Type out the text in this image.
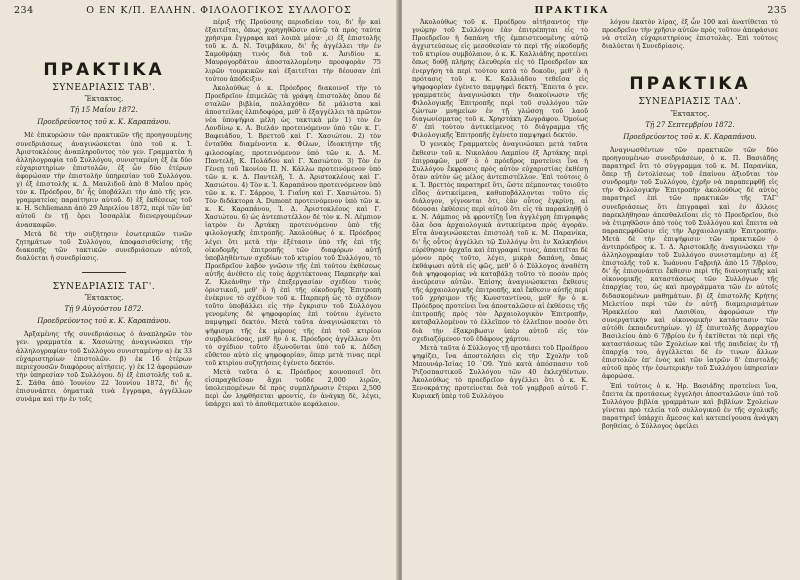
234	Ο ΕΝ Κ/Π. ΕΛΛΗΝ. ΦΙΛΟΛΟΓΙΚΟΣ ΣΥΛΛΟΓΟΣ
ΠΡΑΚΤΙΚΑ
ΣΥΝΕΔΡΙΑΣΙΣ ΤΑΒ'.
Ἔκτακτος.
Τῇ 15 Μαΐου 1872.
Προεδρεύοντος τοῦ κ. Κ. Καραπάνου.

Μὲ ἐπικυρώσιν τῶν πρακτικῶν τῆς προηγουμένης συνεδριάσεως ἀναγινώσκεται ὑπὸ τοῦ κ. Ἰ. Ἀριστοκλέους ἀναπληροῦντος τὸν γεν. Γραμματέα ἡ ἀλληλογραφία τοῦ Συλλόγου, συνισταμένη ἐξ ἐκ δύο εὐχαριστηρίων ἐπιστολῶν, ἐξ ὧν δύο ἑτέρων ἀφορώσαν τὴν ἐπιστολὴν ὑπηρεσίαν τοῦ Συλλόγου. γ) ἐξ ἐπιστολῆς κ. Δ. Μαυλιδοῦ ἀπὸ 8 Μαΐου πρὸς τὸν κ. Πρόεδρον, δι' ἧς ὑποβάλλει τὴν ἀπὸ τῆς γεν. γραμματείας παραίτησιν αὐτοῦ. δ) ἐξ ἐκθέσεως τοῦ κ. Η. Schliemann ἀπὸ 29 Ἀπριλίου 1872, περὶ τῶν ὑπ' αὐτοῦ ἐν τῇ ὅρει Ἰσσαρλὶκ διενεργουμένων ἀνασκαφῶν.

Μετὰ δὲ τὴν συζήτησιν ἐσωτερικῶν τινῶν ζητημάτων τοῦ Συλλόγου, ἀποφασισθείσης τῆς διακοπῆς τῶν τακτικῶν συνεδριάσεων αὐτοῦ, διαλύεται ἡ συνεδρίασις.

ΣΥΝΕΔΡΙΑΣΙΣ ΤΑΓ'.
Ἔκτακτος.
Τῇ 9 Αὐγούστου 1872.
Προεδρεύοντος τοῦ κ. Κ. Καραπάνου.

Ἀρξαμένης τῆς συνεδριάσεως ὁ ἀναπληρῶν τὸν γεν. γραμματέα κ. Χασιώτης ἀναγινώσκει τὴν ἀλληλογραφίαν τοῦ Συλλόγου συνισταμένην α) ἐκ 33 εὐχαριστηρίων ἐπιστολῶν. β) ἐκ 16 ἑτέρων περιεχουσῶν διαφόρους αἰτήσεις. γ) ἐκ 12 ἀφορώσων τὴν ὑπηρεσίαν τοῦ Συλλόγου. δ) ἐξ ἐπιστολῆς τοῦ κ. Σ. Σάθα ἀπὸ Ἰουνίου 22 Ἰουνίου 1872, δι' ἧς ἐπισυνάπτει ὁηματικὰ τινὰ ἔγγραφα, ἀγγέλλων συνάμα καὶ τὴν ἐν τοῖς

πέριξ τῆς Προύσσης περιοδείαν του, δι' ἧν καὶ ἐξαιτεῖται, ὅπως χορηγηθῶσιν αὐτῷ τὰ πρὸς ταύτα χρήσιμα ἔγγραφα καὶ λοιπὰ μέσα· ,ε) ἐξ ἐπιστολῆς τοῦ κ. Δ. Ν. Τσιμβάκου, δι' ἧς ἀγγέλλει τὴν ἐν Σαμοθρᾴκῃ τινὸς διὰ τοῦ κ. Ἀσιδίου κ. Μαυρογορδάτου ἀποσταλλομένην προσφορὰν 75 λιρῶν τουρκικῶν καὶ ἐξαιτεῖται τὴν δέουσαν ἐπὶ τούτου ἀπόδειξιν.

Ἀκολούθως ὁ κ. Πρόεδρος διακοινοῖ τὴν τὸ Προεδρεῖον ἐπιμελῶς τὰ γράψη ἐπιστολὰς ὅπου δὲ σταλῶν βιβλία, πολλαχόθεν δὲ μάλιστα καὶ ἀποστείλας ἐλπιδοφόρα, μεθ' ὃ ἐξαγγέλλει τὰ πρῶτον νέα ὑποψήφια μέλη ὡς τακτικὰ μέν 1) τὸν ἐν Λονδίνῳ κ. Α. Βιελάν προτεινόμενον ὑπὸ τῶν κ. Γ. Βαφειάδου, Ἰ. Βρεττοῦ καὶ Γ. Χασιώτου. 2) τὸν ἐνταῦθα διαμένοντα κ. Φίλων, ἰδιοκτήτην τῆς φιλοσοφίας, προτεινόμενον ὑπὸ τῶν κ. Δ. Μ. Παντελῆ, Κ. Πολάδου καὶ Γ. Χασιώτου. 3) Τὸν ἐν Γένεῃ τοῦ Ἰκονίου Π. Ν. Κάλλω προτεινόμενον ὑπὸ τῶν κ. κ. Δ. Παντελῆ, Ἰ. Δ. Ἀριστοκλέους καὶ Γ. Χασιώτου. 4) Τὸν κ. Ἰ. Καραπάνου προτεινόμενον ὑπὸ τῶν κ. κ. Γ. Σάρρου, Ἰ. Γιαΐνη καὶ Γ. Χασιώτου. 5) Τὸν διδάκτορα Α. Dumont προτεινόμενον ὑπὸ τῶν κ. κ. Κ. Καραπάνου, Ἰ. Δ. Ἀριστοκλέους καὶ Γ. Χασιώτου. 6) ὡς ἀντεπιστέλλον δὲ τὸν κ. Ν. Λέμπιον ἰατρὸν ἐν Ἀρτάκῃ προτεινόμενον ὑπὸ τῆς φιλολογικῆς ἐπιτροπῆς. Ἀκολούθως ὁ κ. Πρόεδρος λέγει ὅτι μετὰ τὴν ἐξέτασιν ὑπὸ τῆς ἐπὶ τῆς οἰκοδομῆς ἐπιτροπῆς τῶν διαφόρων αὐτῇ ὑποβληθέντων σχεδίων τοῦ κτιρίου τοῦ Συλλόγου, τὸ Προεδρεῖον λαβὸν γνῶσιν τῆς ἐπὶ τούτου ἐκθέσεως αὐτῆς ἀνέθετο εἰς τοὺς ἀρχιτέκτονας Παρπερὴν καὶ Ζ. Κλεάνθην τὴν ἐπεξεργασίαν σχεδίου τινὸς ὁριστικοῦ, μεθ' ὃ ἡ ἐπὶ τῆς οἰκοδομῆς Ἐπιτροπὴ ἐνέκρινε τὸ σχέδιον τοῦ κ. Παρπερὴ ὡς τὸ σχέδιον τοῦτο ὑποβάλλει εἰς τὴν ἔγκρισιν τοῦ Συλλόγου γενομένης δὲ ψηφοφορίας ἐπὶ τούτου ἐγένετο παμψηφεὶ δεκτόν. Μετὰ ταῦτα ἀναγινώσκεται τὸ ψήφισμα τῆς ἐκ μέρους τῆς ἐπὶ τοῦ κτιρίου συμβουλεύσας, μεθ' ἣν ὁ κ. Πρόεδρος ἀγγέλλων ὅτι τὸ σχέδιον τοῦτο ἐξωνοῦνται ὑπὸ τοῦ κ. Δέδεη εὔθετον αὐτὸ εἰς ψηφοφορίαν, ὅπερ μετὰ τινας περὶ τοῦ κτιρίου συζητήσεις ἐγένετο δεκτόν.

Μετὰ ταῦτα ὁ κ. Πρόεδρος κοινοποιεῖ ὅτι εἰσπραχθεῖσαν ἄχρι τοῦδε 2,000 λιρῶν, ὑπολειπομένων δὲ πρὸς συμπλήρωσιν ἔτεραι 2,500 περὶ ὧν ληφθήσεται φροντίς, ἐν ἀνάγκῃ δὲ, λέγει, ὑπάρχει καὶ τὸ ἀποθεματικὸν κεφάλαιον.

ΠΡΑΚΤΙΚΑ	235

Ἀκολούθως τοῦ κ. Προέδρου αἰτήσαντος τὴν γνώμην τοῦ Συλλόγου ἐὰν ἐπιτρέπηται εἰς τὸ Προεδρεῖον ἡ δαπάνη τῆς ἐμπειστευομένης αὐτῷ ἀγχιστεύσεως εἰς μεσοθεσίαν τὸ περὶ τῆς οἰκοδομῆς τοῦ κτιρίου συμβόλαιον, ὁ κ. Κ. Καλλιάδης προτείνει ὅπως δοθῇ πλήρης ἐλευθερία εἰς τὸ Προεδρεῖον κα ἐνεργήση τὰ περὶ τούτου κατὰ τὸ δοκοῦν, μεθ' ὃ ἡ πρότασις τοῦ κ. Κ. Καλλιάδου τεθεῖσα εἰς ψηφοφορίαν ἐγένετο παμψηφεὶ δεκτή. Ἔπειτα ὁ γεν. γραμματεὺς ἀναγινώσκει τὴν διακοίνωσιν τῆς Φιλολογικῆς Ἐπιτροπῆς περὶ τοῦ συλλόγου τῶν ζώντων μνημείων ἐν τῇ γλώσσῃ τοῦ λαοῦ διαγωνίσματος τοῦ κ. Χρηστάκη Ζωγράφου. Ὁμοίως δ' ἐπὶ τούτου ἀντικείμενος τὸ διάγραμμα τῆς Φιλολογικῆς Ἐπιτροπῆς ἐγένετο παμψηφεὶ δεκτόν.

Ὁ γενικὸς Γραμματεὺς ἀναγινώσκει μετὰ ταῦτα ἔκθεσιν τοῦ κ. Νικολάου Λαμπίου ἐξ Ἀρτάκης περὶ ἐπιγραφῶν, μεθ' ὃ ὁ πρόεδρος προτείνει ἵνα ἡ Συλλόγου ἔκφρασις πρὸς αὐτὸν εὐχαριστίας ἐκθέσῃ ὅταν αὐτὸν ὡς μέλος ἀντεπιστέλλον. Ἐπὶ τούτοις ὁ κ. Ἰ. Βρεττὸς παρατηρεῖ ὅτι, ὥστε πέμποντας τοιοῦτο εἶδος ἀντικείμενα, καθυποβάλλονται τοῦτο εἰς διάλογον, γίγνονται ὅτι, ἐὰν οὗτος ἐγκρίνῃ, αἱ δέουσαι ἐκθέσεις περὶ αὐτοῦ ὅτι εἰς τὰ παρακληθῇ ὁ κ. Ν. Λάμπιος νὰ φροντίζῃ ἵνα ἀγγλέγρη ἐπιγραφὰς ὅλα ὅσα ἀρχαιολογικὰ ἀντικείμενα πρὸς ἀγορὰν. Εἶτα ἀναγινώσκεται ἐπιστολὴ τοῦ κ. Μ. Παρανίκα, δι' ἧς οὗτος ἀγγέλλει τῷ Συλλόγῳ ὅτι ἐν Χαλκηδόνι εὐρέθησαν ἀρχαῖα καὶ ἐπιγραφαί τινες, ἀπαιτεῖται δὲ μόνον πρὸς τοῦτο, λέγει, μικρὰ δαπάνη, ὅπως ἐκθάψωσι αὐτὰ εἰς φῶς, μεθ' ὃ ὁ Σύλλογος ἀναθέτη διὰ ψηφοφορίας νὰ καταβάλῃ τοῦτο τὸ ποσὸν πρὸς ἀνεύρεσιν αὐτῶν. Ἐπίσης ἀναγινώσκεται ἔκθεσις τῆς ἀρχαιολογικῆς ἐπιτροπῆς, καὶ ἔκθεσιν αὐτῆς περὶ τοῦ χρήσιμον τῆς Κωνσταντίνου, μεθ' ἣν ὁ κ. Πρόεδρος προτείνει ἵνα ἀποσταλῶσιν αἱ ἐκθέσεις τῆς ἐπιτροπῆς πρὸς τὸν Ἀρχαιολογικὸν Ἐπιτροπῆν, καταβαλλομένον τὸ ἐλλεῖπον τὸ ἐλλεῖπον ποσὸν ὅτι διὰ τὴν ἐξακριβωσιν ὑπὲρ αὐτοῦ εἰς τὸν σχεδιαζόμενον τοῦ ἐδάφους χάρτου.

Μετὰ ταῦτα ὁ Σύλλογος τῇ προτάσει τοῦ Προέδρου ψηφίζει, ἵνα ἀποστολήσει εἰς τὴν Σχολὴν τοῦ Μπουνάρ-Ἰσίας 10 ᾽Ο9. Ὑπὸ κατὰ ἀπόσπασιν τοῦ Ῥιζοσπαστικοῦ Συλλόγου τῶν 40 ἐκλεχθέντων. Ἀκολούθως τὸ προεδρεῖον ἀγγέλλει ὅτι ὁ κ. Κ. Ξενοκράτης προτείνεται διὰ τοῦ γαμβροῦ αὐτοῦ Γ. Κυριακῆ ὑπὲρ τοῦ Συλλόγου

λόγου ἑκατὸν λίρας, ἐξ ὧν 100 καὶ ἀνατίθεται τὸ προεδρεῖον τὴν χρῆσιν αὐτῶν πρὸς τοῦτον ἀπεφάσισε νὰ στείλη εὐχαριστηρίους ἐπιστολὰς. Ἐπὶ τούτοις διαλύεται ἡ Συνεδρίασις.

ΠΡΑΚΤΙΚΑ
ΣΥΝΕΔΡΙΑΣΙΣ ΤΑΔ'.
Ἔκτακτος.
Τῇ 27 Σεπτεμβρίου 1872.
Προεδρεύοντος τοῦ κ. Κ. Καραπάνου.

Ἀναγνωσθέντων τῶν πρακτικῶν τῶν δύο προηγουμένων συνεδριάσεων, ὁ κ. Π. Βασιάδης παρατηρεῖ ὅτι τὸ σύγγραμμα τοῦ κ. Μ. Παρανίκα, ὅπερ τῇ ἐντολίσεως τοῦ ἐπαίνου ἀξιοῦται τὸν συνδρομὴν τοῦ Συλλόγου, ἐχρῆν νὰ παραπεμφθῇ εἰς τὴν Φιλολογικὴν Ἐπιτροπὴν ἀκολούθως δὲ αὐτὸς παρατηρεῖ ἐπὶ τῶν πρακτικῶν τῆς ΤΑΓ' συνεδριάσεως ὅτι ἐπιγραφαὶ καὶ ἐν ἄλλοις παρεκλήθησαν ἀπεσθαλεῖσαι εἰς τὸ Προεδρεῖον, διὸ νὰ ἐτιμηθῶσιν ἀπὸ τοὺς τοῦ Συλλόγου καὶ ἔπειτα νὰ παραπεμφθῶσιν εἰς τὴν Ἀρχαιολογικὴν Ἐπιτροπὴν. Μετὰ δὲ τὴν ἐπιψήφισιν τῶν πρακτικῶν ὁ ἀντιπρόεδρος κ. Ἰ. Δ. Ἀριστοκλῆς ἀναγινώσκει τὴν ἀλληλογραφίαν τοῦ Συλλόγου συνισταμένην α) ἐξ ἐπιστολῆς τοῦ κ. Ἰωάννου Γαβριὴλ ἀπὸ 15 7/βρίου, δι' ἧς ἐπισυνάπτει ἔκθεσιν περὶ τῆς διανοητικῆς καὶ οἰκονομικῆς καταστάσεως τῶν Συλλόγων τῆς ἐπαρχίας του, ὡς καὶ προγράμματα τῶν ἐν αὐτοῖς διδασκομένων μαθημάτων. β) ἐξ ἐπιστολῆς Κρήτης Μελετίου περὶ τῶν ἐν αὐτῇ διαμειρισμάτων Ἡρακλείου καὶ Λασιθίου, ἀφορώσων τὴν συνεργατικὴν καὶ οἰκονομικὴν κατάστασιν τῶν αὐτόθι ἐκπαιδευτηρίων. γ) ἐξ ἐπιστολῆς Δυρραχίου Βασιλείου ἀπὸ 6 7/βρίου ἐν ἧ ἐκτίθεται τὰ περὶ τῆς καταστάσεως τῶν Σχολείων καὶ τῆς παιδείας ἐν τῇ ἐπαρχίᾳ του, ἀγγέλλεται δὲ ἐν τινων ἄλλων ἐπιστολῶν ἐπ' ἑνὸς καὶ τῶν ἰατρῶν δ' ἐπιστολῆς αὐτοῦ πρὸς τὴν ἐσωτερικὴν τοῦ Συλλόγου ὑπηρεσίαν ἀφορώσα.

Ἐπὶ τούτοις ὁ κ. Ἠρ. Βασιάδης προτείνει ἵνα, ἔπειτα ἐκ προτάσεως ἐγγελήσι ἀποσταλῶσιν ὑπὸ τοῦ Συλλόγου βιβλία γραμμάτων καὶ βιβλίων Σχολείων γίνεται πρὸ τελεία τοῦ συλλογικοῦ ἐν τῆς σχολικῆς παρατηρεῖ ὑπάρχει ἄμεσος καὶ κατεπείγουσα ἀνάγκη βοηθείας, ὁ Σύλλογος ὀφείλει
